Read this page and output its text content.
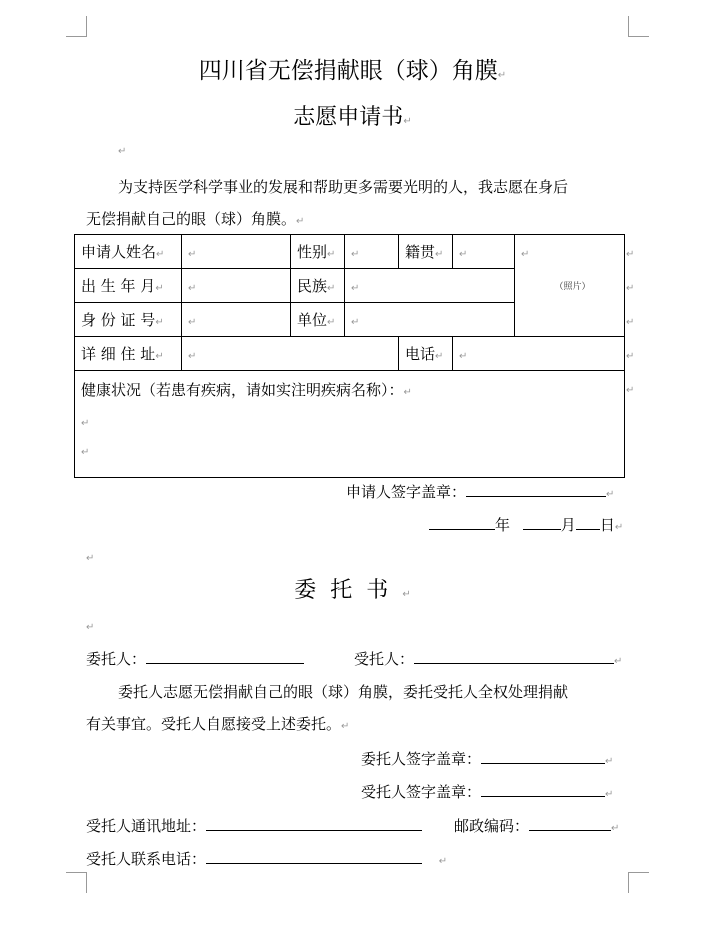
四川省无偿捐献眼（球）角膜↵
志愿申请书↵
↵
为支持医学科学事业的发展和帮助更多需要光明的人，我志愿在身后
无偿捐献自己的眼（球）角膜。↵
申请人姓名↵	↵	性别↵	↵	籍贯↵	↵	↵
（照片）
出 生 年 月↵	↵	民族↵	↵			
身 份 证 号↵	↵	单位↵	↵			
详 细 住 址↵	↵			电话↵	↵	
健康状况（若患有疾病，请如实注明疾病名称）：↵
↵
↵						
↵
↵
↵
↵
↵
申请人签字盖章：	↵
年	月 日↵
↵
委托书↵
↵
委托人：	受托人：	↵
委托人志愿无偿捐献自己的眼（球）角膜，委托受托人全权处理捐献
有关事宜。受托人自愿接受上述委托。↵
委托人签字盖章：	↵
受托人签字盖章：	↵
受托人通讯地址：	邮政编码：	↵
受托人联系电话：	↵
